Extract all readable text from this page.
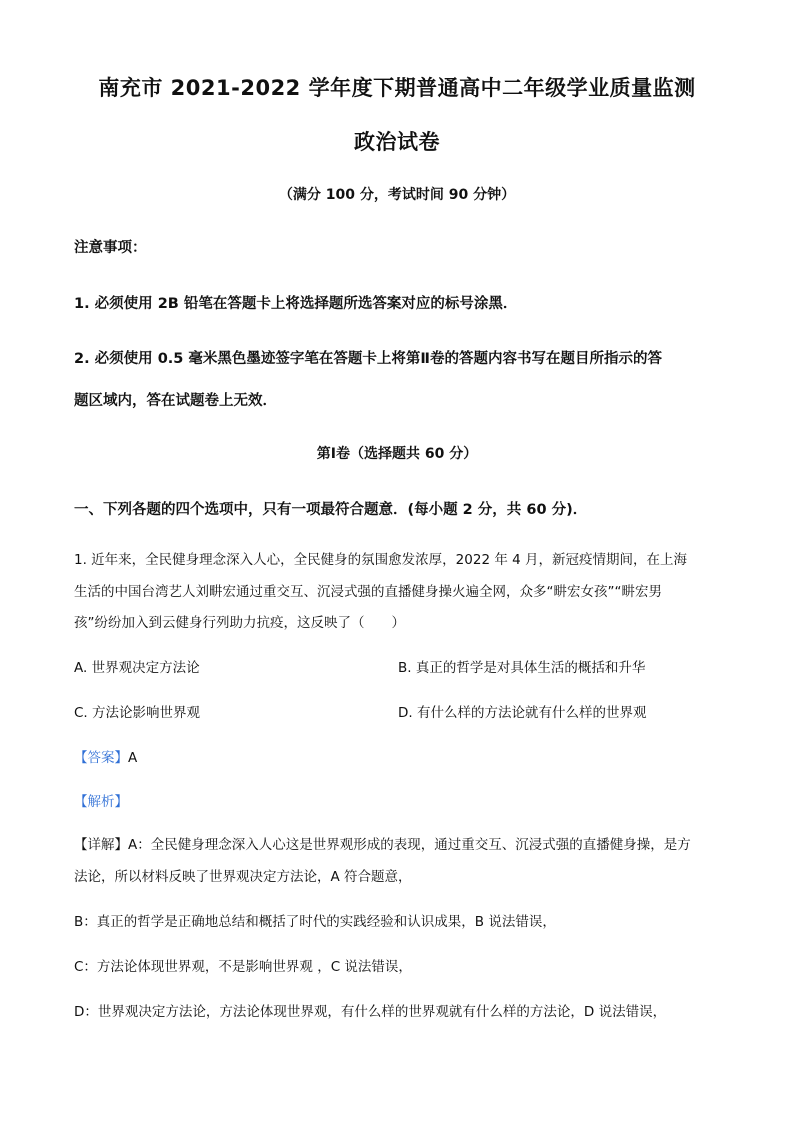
南充市 2021-2022 学年度下期普通高中二年级学业质量监测
政治试卷
（满分 100 分，考试时间 90 分钟）
注意事项：
1. 必须使用 2B 铅笔在答题卡上将选择题所选答案对应的标号涂黑．
2. 必须使用 0.5 毫米黑色墨迹签字笔在答题卡上将第Ⅱ卷的答题内容书写在题目所指示的答
题区域内，答在试题卷上无效．
第Ⅰ卷（选择题共 60 分）
一、下列各题的四个选项中，只有一项最符合题意．(每小题 2 分，共 60 分)．
1. 近年来，全民健身理念深入人心，全民健身的氛围愈发浓厚，2022 年 4 月，新冠疫情期间，在上海
生活的中国台湾艺人刘畊宏通过重交互、沉浸式强的直播健身操火遍全网，众多“畊宏女孩”“畊宏男
孩”纷纷加入到云健身行列助力抗疫，这反映了（　　）
A. 世界观决定方法论	B. 真正的哲学是对具体生活的概括和升华
C. 方法论影响世界观	D. 有什么样的方法论就有什么样的世界观
【答案】A
【解析】
【详解】A：全民健身理念深入人心这是世界观形成的表现，通过重交互、沉浸式强的直播健身操，是方
法论，所以材料反映了世界观决定方法论，A 符合题意，
B：真正的哲学是正确地总结和概括了时代的实践经验和认识成果，B 说法错误，
C：方法论体现世界观，不是影响世界观 ，C 说法错误，
D：世界观决定方法论，方法论体现世界观，有什么样的世界观就有什么样的方法论，D 说法错误，
